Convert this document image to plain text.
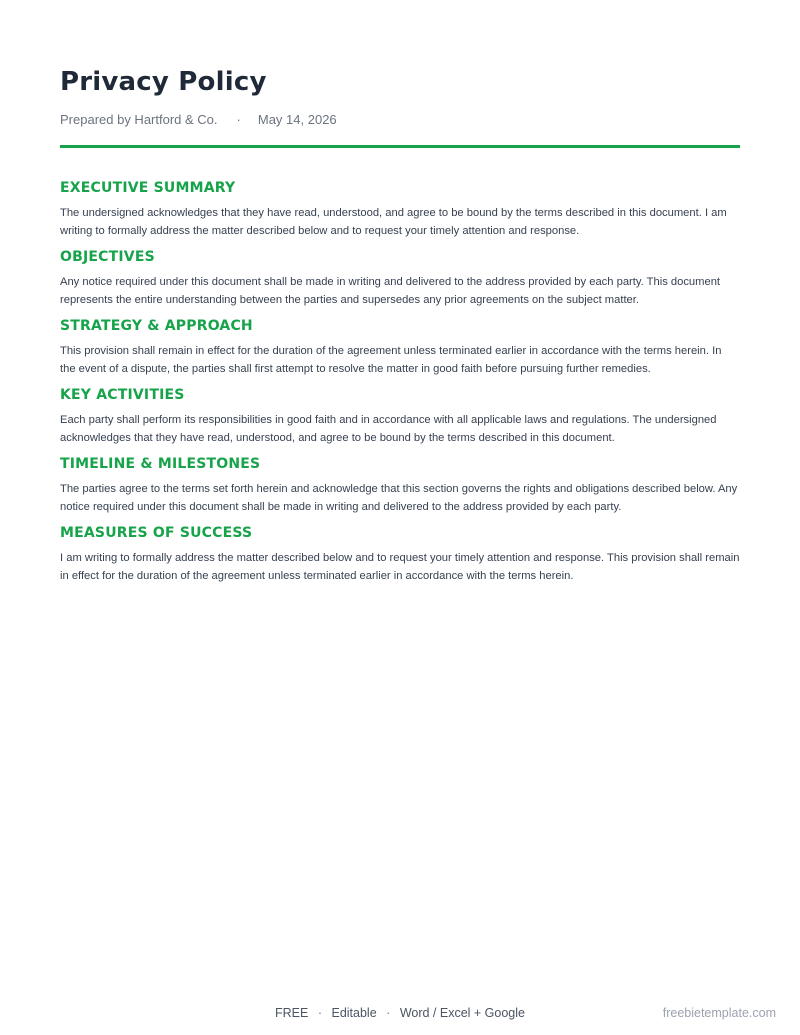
Privacy Policy
Prepared by Hartford & Co. · May 14, 2026
EXECUTIVE SUMMARY

The undersigned acknowledges that they have read, understood, and agree to be bound by the terms described in this document. I am writing to formally address the matter described below and to request your timely attention and response.

OBJECTIVES

Any notice required under this document shall be made in writing and delivered to the address provided by each party. This document represents the entire understanding between the parties and supersedes any prior agreements on the subject matter.

STRATEGY & APPROACH

This provision shall remain in effect for the duration of the agreement unless terminated earlier in accordance with the terms herein. In the event of a dispute, the parties shall first attempt to resolve the matter in good faith before pursuing further remedies.

KEY ACTIVITIES

Each party shall perform its responsibilities in good faith and in accordance with all applicable laws and regulations. The undersigned acknowledges that they have read, understood, and agree to be bound by the terms described in this document.

TIMELINE & MILESTONES

The parties agree to the terms set forth herein and acknowledge that this section governs the rights and obligations described below. Any notice required under this document shall be made in writing and delivered to the address provided by each party.

MEASURES OF SUCCESS

I am writing to formally address the matter described below and to request your timely attention and response. This provision shall remain in effect for the duration of the agreement unless terminated earlier in accordance with the terms herein.

FREE · Editable · Word / Excel + Google	freebietemplate.com
